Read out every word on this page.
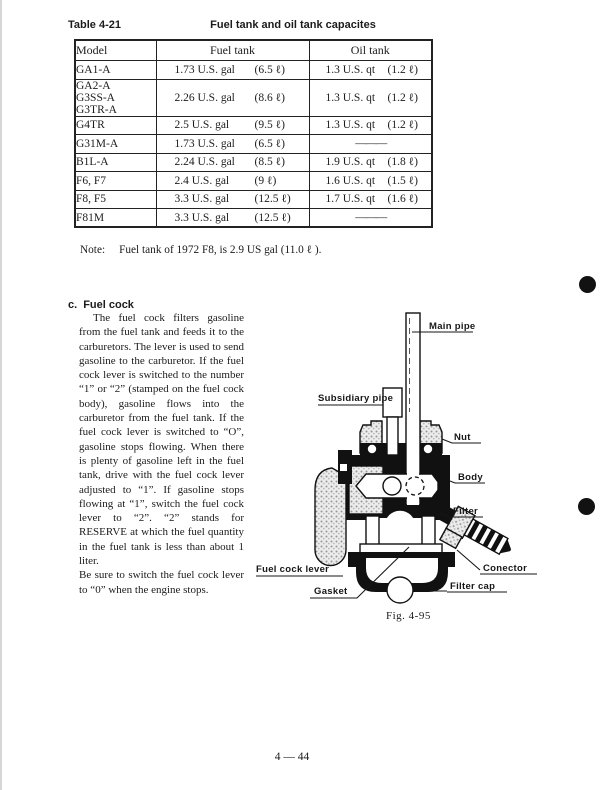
Table 4-21	Fuel tank and oil tank capacites
Model	Fuel tank	Oil tank

GA1-A	1.73 U.S. gal (6.5 ℓ)	1.3 U.S. qt (1.2 ℓ)

GA2-A
G3SS-A
G3TR-A	2.26 U.S. gal (8.6 ℓ)	1.3 U.S. qt (1.2 ℓ)

G4TR	2.5 U.S. gal (9.5 ℓ)	1.3 U.S. qt (1.2 ℓ)

G31M-A	1.73 U.S. gal (6.5 ℓ)	———

B1L-A	2.24 U.S. gal (8.5 ℓ)	1.9 U.S. qt (1.8 ℓ)

F6, F7	2.4 U.S. gal (9 ℓ)	1.6 U.S. qt (1.5 ℓ)

F8, F5	3.3 U.S. gal (12.5 ℓ)	1.7 U.S. qt (1.6 ℓ)

F81M	3.3 U.S. gal (12.5 ℓ)	———
Note: Fuel tank of 1972 F8, is 2.9 US gal (11.0 ℓ ).
c. Fuel cock

The fuel cock filters gasoline from the fuel tank and feeds it to the carburetors. The lever is used to send gasoline to the carburetor. If the fuel cock lever is switched to the number “1” or “2” (stamped on the fuel cock body), gasoline flows into the carburetor from the fuel tank. If the fuel cock lever is switched to “O”, gasoline stops flowing. When there is plenty of gasoline left in the fuel tank, drive with the fuel cock lever adjusted to “1”. If gasoline stops flowing at “1”, switch the fuel cock lever to “2”. “2” stands for RESERVE at which the fuel quantity in the fuel tank is less than about 1 liter.

Be sure to switch the fuel cock lever to “0” when the engine stops.

Main pipe
Subsidiary pipe
Nut
Body
Filter
Fuel cock lever
Gasket
Conector
Filter cap
Fig. 4-95
4 — 44
